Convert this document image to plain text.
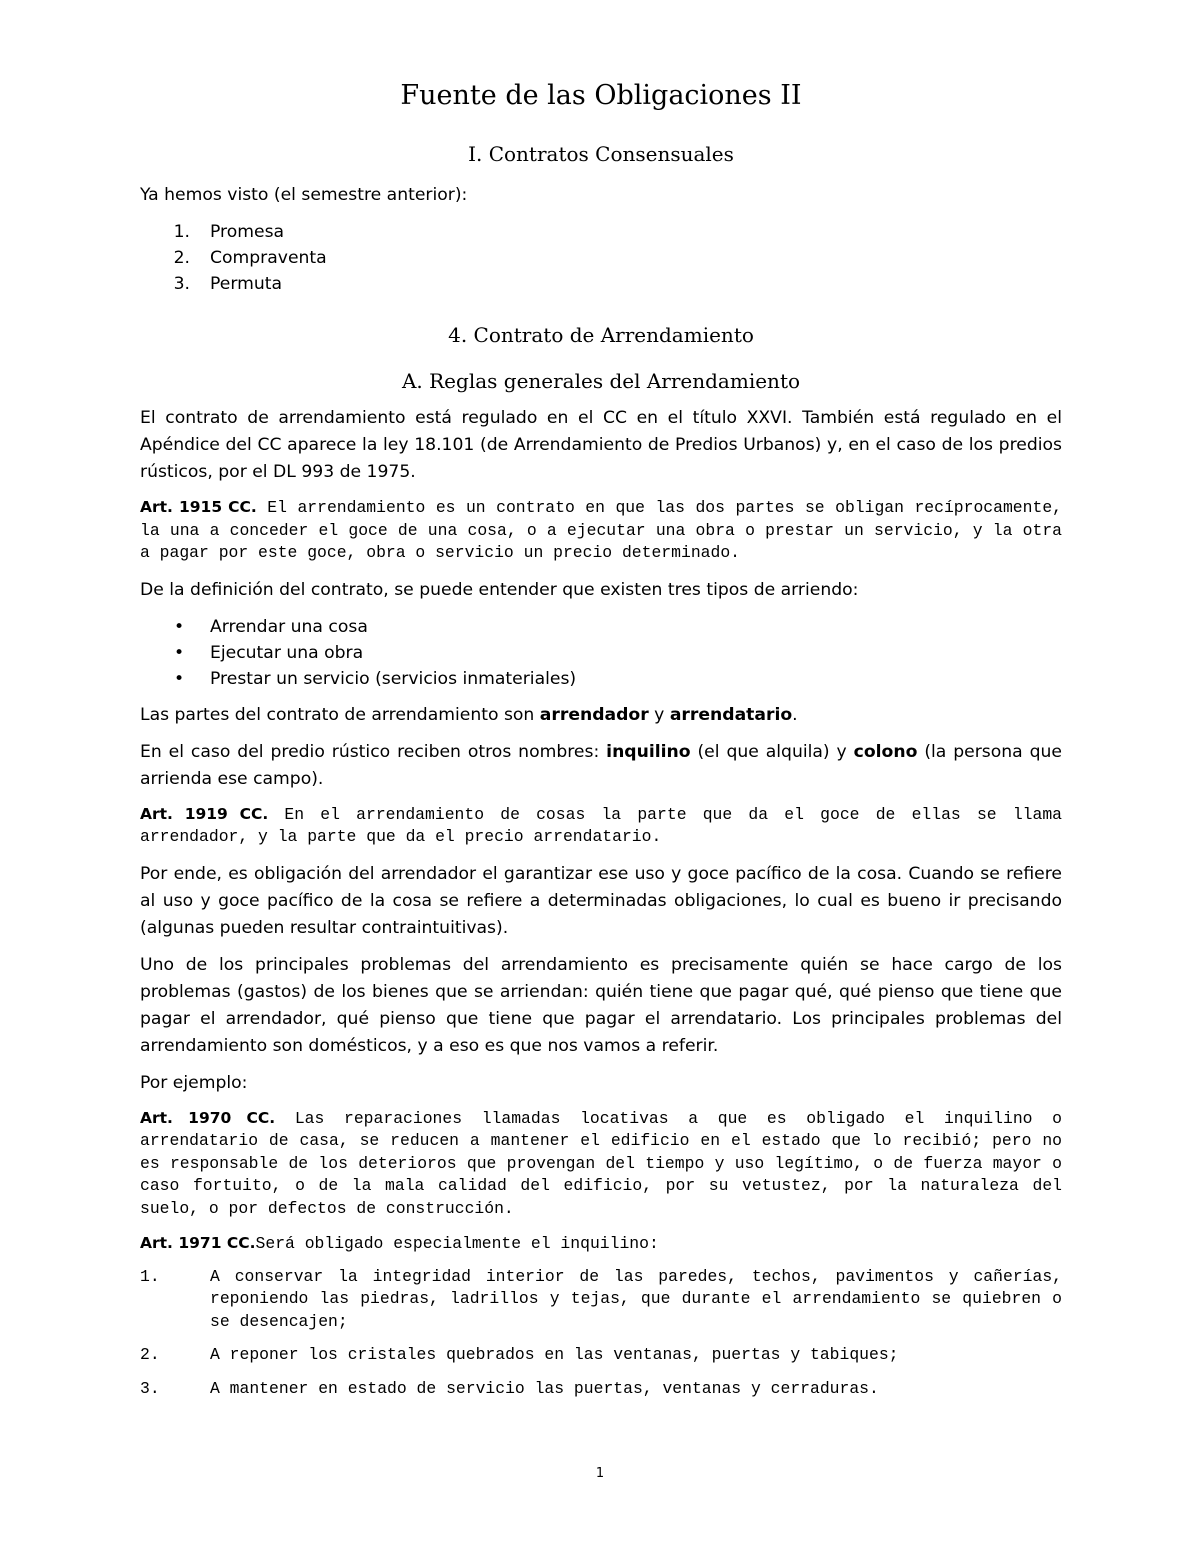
Fuente de las Obligaciones II
I. Contratos Consensuales

Ya hemos visto (el semestre anterior):

1. Promesa
2. Compraventa
3. Permuta
4. Contrato de Arrendamiento
A. Reglas generales del Arrendamiento

El contrato de arrendamiento está regulado en el CC en el título XXVI. También está regulado en el Apéndice del CC aparece la ley 18.101 (de Arrendamiento de Predios Urbanos) y, en el caso de los predios rústicos, por el DL 993 de 1975.

Art. 1915 CC. El arrendamiento es un contrato en que las dos partes se obligan recíprocamente, la una a conceder el goce de una cosa, o a ejecutar una obra o prestar un servicio, y la otra a pagar por este goce, obra o servicio un precio determinado.

De la definición del contrato, se puede entender que existen tres tipos de arriendo:

• Arrendar una cosa
• Ejecutar una obra
• Prestar un servicio (servicios inmateriales)

Las partes del contrato de arrendamiento son arrendador y arrendatario.

En el caso del predio rústico reciben otros nombres: inquilino (el que alquila) y colono (la persona que arrienda ese campo).

Art. 1919 CC. En el arrendamiento de cosas la parte que da el goce de ellas se llama arrendador, y la parte que da el precio arrendatario.

Por ende, es obligación del arrendador el garantizar ese uso y goce pacífico de la cosa. Cuando se refiere al uso y goce pacífico de la cosa se refiere a determinadas obligaciones, lo cual es bueno ir precisando (algunas pueden resultar contraintuitivas).

Uno de los principales problemas del arrendamiento es precisamente quién se hace cargo de los problemas (gastos) de los bienes que se arriendan: quién tiene que pagar qué, qué pienso que tiene que pagar el arrendador, qué pienso que tiene que pagar el arrendatario. Los principales problemas del arrendamiento son domésticos, y a eso es que nos vamos a referir.

Por ejemplo:

Art. 1970 CC. Las reparaciones llamadas locativas a que es obligado el inquilino o arrendatario de casa, se reducen a mantener el edificio en el estado que lo recibió; pero no es responsable de los deterioros que provengan del tiempo y uso legítimo, o de fuerza mayor o caso fortuito, o de la mala calidad del edificio, por su vetustez, por la naturaleza del suelo, o por defectos de construcción.

Art. 1971 CC.Será obligado especialmente el inquilino:

1.	A conservar la integridad interior de las paredes, techos, pavimentos y cañerías, reponiendo las piedras, ladrillos y tejas, que durante el arrendamiento se quiebren o se desencajen;
2.	A reponer los cristales quebrados en las ventanas, puertas y tabiques;
3.	A mantener en estado de servicio las puertas, ventanas y cerraduras.
1
